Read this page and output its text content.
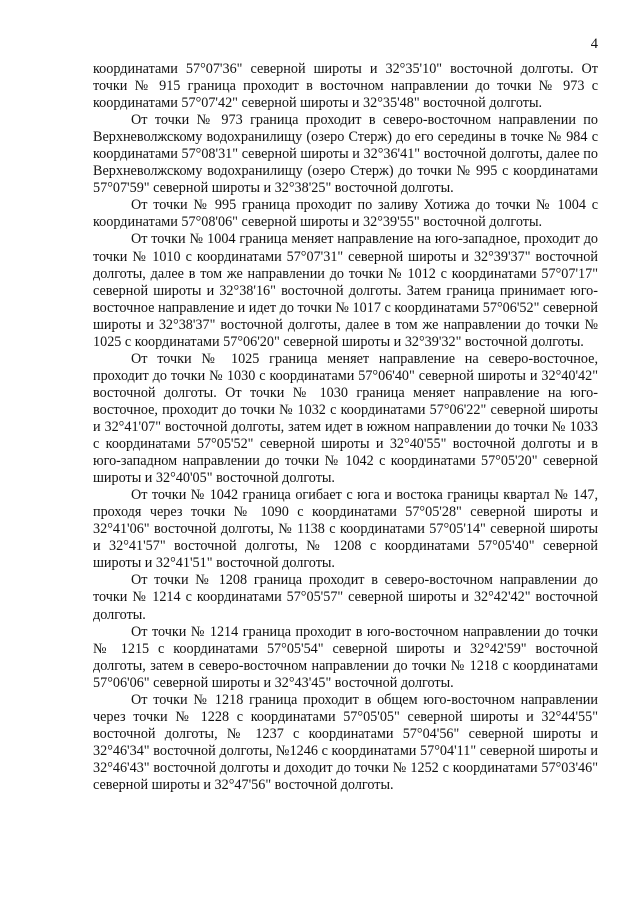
4

координатами 57°07'36" северной широты и 32°35'10" восточной долготы. От точки № 915 граница проходит в восточном направлении до точки № 973 с координатами 57°07'42" северной широты и 32°35'48" восточной долготы.

От точки № 973 граница проходит в северо-восточном направлении по Верхневолжскому водохранилищу (озеро Стерж) до его середины в точке № 984 с координатами 57°08'31" северной широты и 32°36'41" восточной долготы, далее по Верхневолжскому водохранилищу (озеро Стерж) до точки № 995 с координатами 57°07'59" северной широты и 32°38'25" восточной долготы.

От точки № 995 граница проходит по заливу Хотижа до точки № 1004 с координатами 57°08'06" северной широты и 32°39'55" восточной долготы.

От точки № 1004 граница меняет направление на юго-западное, проходит до точки № 1010 с координатами 57°07'31" северной широты и 32°39'37" восточной долготы, далее в том же направлении до точки № 1012 с координатами 57°07'17" северной широты и 32°38'16" восточной долготы. Затем граница принимает юго-восточное направление и идет до точки № 1017 с координатами 57°06'52" северной широты и 32°38'37" восточной долготы, далее в том же направлении до точки № 1025 с координатами 57°06'20" северной широты и 32°39'32" восточной долготы.

От точки № 1025 граница меняет направление на северо-восточное, проходит до точки № 1030 с координатами 57°06'40" северной широты и 32°40'42" восточной долготы. От точки № 1030 граница меняет направление на юго-восточное, проходит до точки № 1032 с координатами 57°06'22" северной широты и 32°41'07" восточной долготы, затем идет в южном направлении до точки № 1033 с координатами 57°05'52" северной широты и 32°40'55" восточной долготы и в юго-западном направлении до точки № 1042 с координатами 57°05'20" северной широты и 32°40'05" восточной долготы.

От точки № 1042 граница огибает с юга и востока границы квартал № 147, проходя через точки № 1090 с координатами 57°05'28" северной широты и 32°41'06" восточной долготы, № 1138 с координатами 57°05'14" северной широты и 32°41'57" восточной долготы, № 1208 с координатами 57°05'40" северной широты и 32°41'51" восточной долготы.

От точки № 1208 граница проходит в северо-восточном направлении до точки № 1214 с координатами 57°05'57" северной широты и 32°42'42" восточной долготы.

От точки № 1214 граница проходит в юго-восточном направлении до точки № 1215 с координатами 57°05'54" северной широты и 32°42'59" восточной долготы, затем в северо-восточном направлении до точки № 1218 с координатами 57°06'06" северной широты и 32°43'45" восточной долготы.

От точки № 1218 граница проходит в общем юго-восточном направлении через точки № 1228 с координатами 57°05'05" северной широты и 32°44'55" восточной долготы, № 1237 с координатами 57°04'56" северной широты и 32°46'34" восточной долготы, №1246 с координатами 57°04'11" северной широты и 32°46'43" восточной долготы и доходит до точки № 1252 с координатами 57°03'46" северной широты и 32°47'56" восточной долготы.
